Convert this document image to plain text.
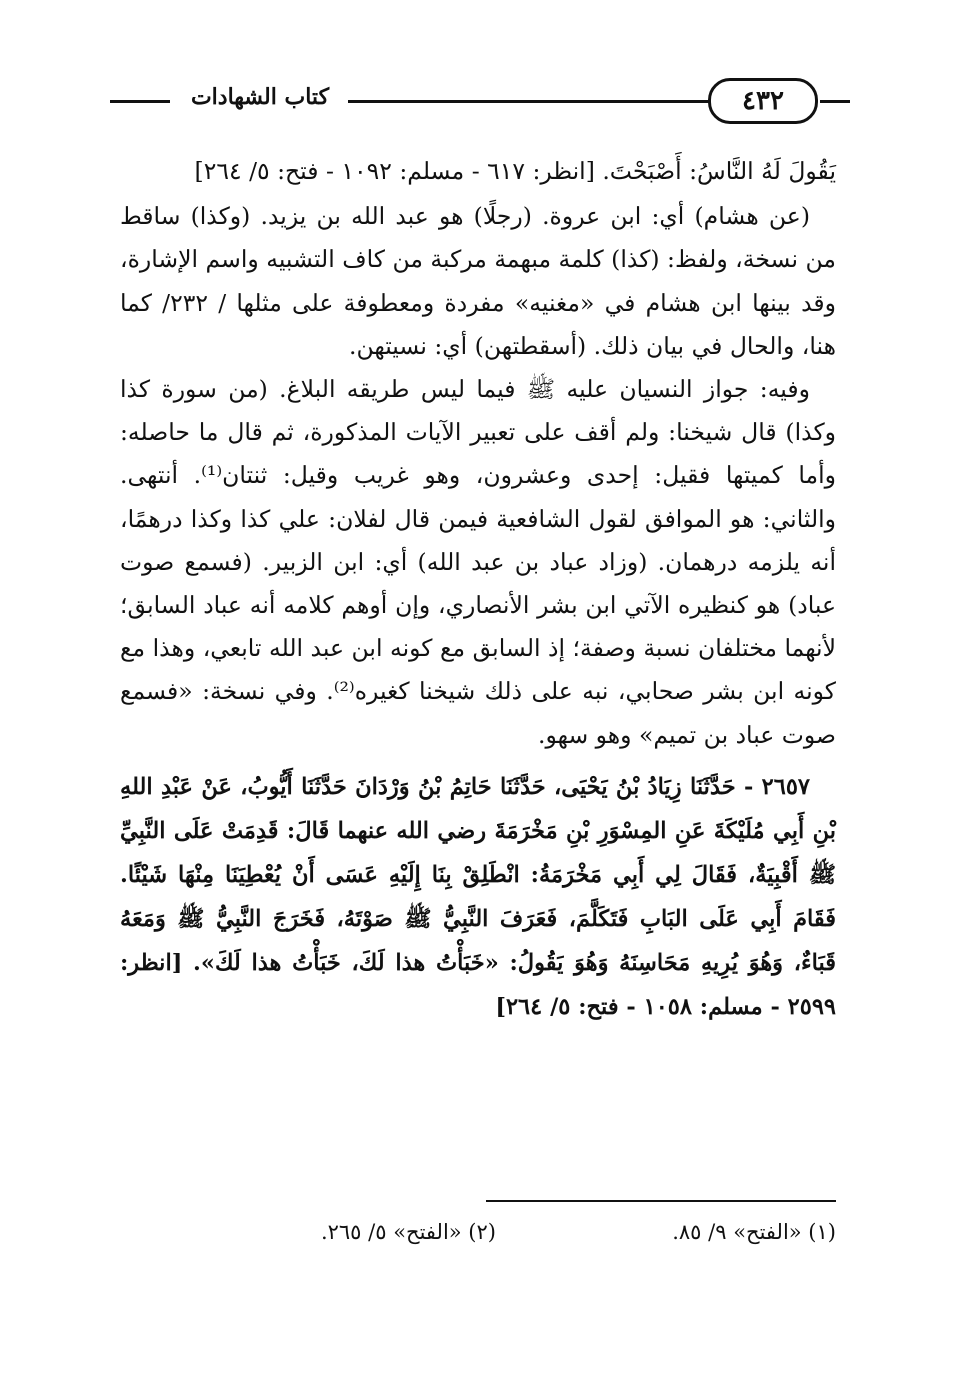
كتاب الشهادات	٤٣٢

يَقُولَ لَهُ النَّاسُ: أَصْبَحْتَ. [انظر: ٦١٧ - مسلم: ١٠٩٢ - فتح: ٥/ ٢٦٤]

(عن هشام) أي: ابن عروة. (رجلًا) هو عبد الله بن يزيد. (وكذا) ساقط من نسخة، ولفظ: (كذا) كلمة مبهمة مركبة من كاف التشبيه واسم الإشارة، وقد بينها ابن هشام في «مغنيه» مفردة ومعطوفة على مثلها / ٢٣٢/ كما هنا، والحال في بيان ذلك. (أسقطتهن) أي: نسيتهن.

وفيه: جواز النسيان عليه ﷺ فيما ليس طريقه البلاغ. (من سورة كذا وكذا) قال شيخنا: ولم أقف على تعبير الآيات المذكورة، ثم قال ما حاصله: وأما كميتها فقيل: إحدى وعشرون، وهو غريب وقيل: ثنتان⁽¹⁾. أنتهى. والثاني: هو الموافق لقول الشافعية فيمن قال لفلان: علي كذا وكذا درهمًا، أنه يلزمه درهمان. (وزاد عباد بن عبد الله) أي: ابن الزبير. (فسمع صوت عباد) هو كنظيره الآتي ابن بشر الأنصاري، وإن أوهم كلامه أنه عباد السابق؛ لأنهما مختلفان نسبة وصفة؛ إذ السابق مع كونه ابن عبد الله تابعي، وهذا مع كونه ابن بشر صحابي، نبه على ذلك شيخنا كغيره⁽²⁾. وفي نسخة: «فسمع صوت عباد بن تميم» وهو سهو.

٢٦٥٧ - حَدَّثَنَا زِيَادُ بْنُ يَحْيَى، حَدَّثَنَا حَاتِمُ بْنُ وَرْدَانَ حَدَّثَنَا أَيُّوبُ، عَنْ عَبْدِ اللهِ بْنِ أَبِي مُلَيْكَةَ عَنِ المِسْوَرِ بْنِ مَخْرَمَةَ رضي الله عنهما قَالَ: قَدِمَتْ عَلَى النَّبِيِّ ﷺ أَقْبِيَةٌ، فَقَالَ لِي أَبِي مَخْرَمَةُ: انْطَلِقْ بِنَا إِلَيْهِ عَسَى أَنْ يُعْطِيَنَا مِنْهَا شَيْئًا. فَقَامَ أَبِي عَلَى البَابِ فَتَكَلَّمَ، فَعَرَفَ النَّبِيُّ ﷺ صَوْتَهُ، فَخَرَجَ النَّبِيُّ ﷺ وَمَعَهُ قَبَاءٌ، وَهُوَ يُرِيهِ مَحَاسِنَهُ وَهُوَ يَقُولُ: «خَبَأْتُ هذا لَكَ، خَبَأْتُ هذا لَكَ». [انظر: ٢٥٩٩ - مسلم: ١٠٥٨ - فتح: ٥/ ٢٦٤]

(١) «الفتح» ٩/ ٨٥.
(٢) «الفتح» ٥/ ٢٦٥.
